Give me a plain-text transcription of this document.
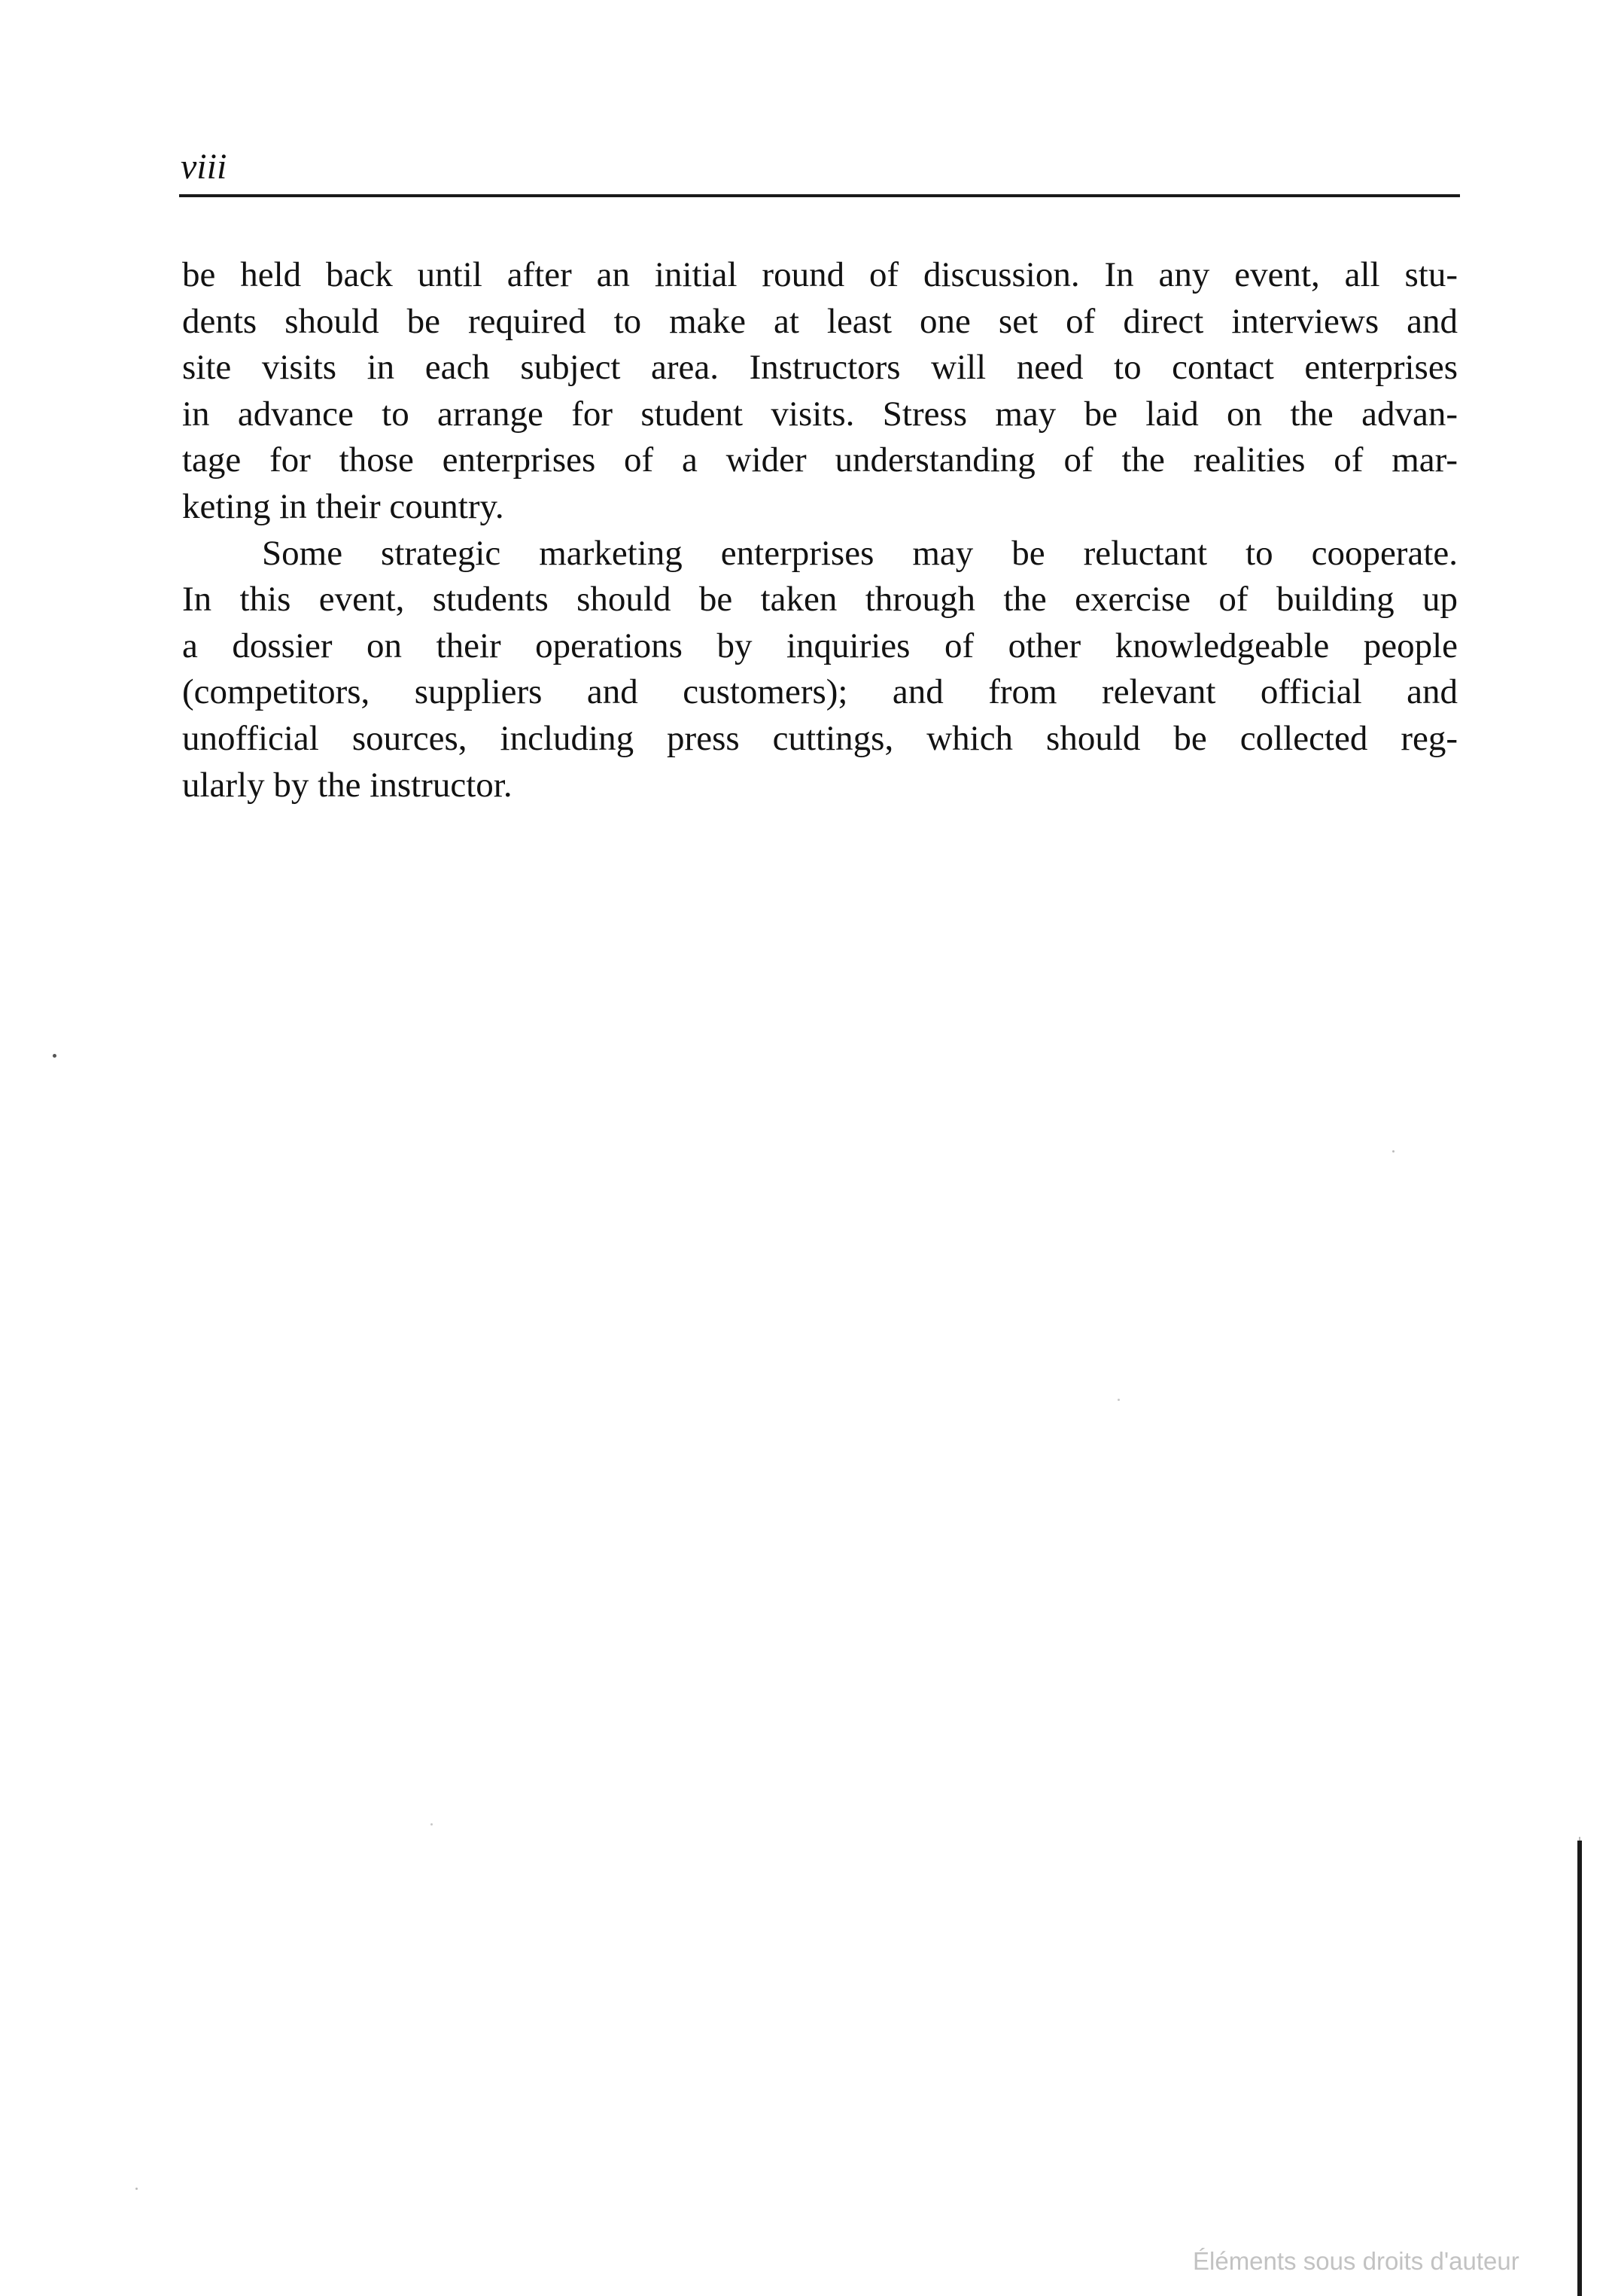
viii
be held back until after an initial round of discussion. In any event, all stu-
dents should be required to make at least one set of direct interviews and
site visits in each subject area. Instructors will need to contact enterprises
in advance to arrange for student visits. Stress may be laid on the advan-
tage for those enterprises of a wider understanding of the realities of mar-
keting in their country.
Some strategic marketing enterprises may be reluctant to cooperate.
In this event, students should be taken through the exercise of building up
a dossier on their operations by inquiries of other knowledgeable people
(competitors, suppliers and customers); and from relevant official and
unofficial sources, including press cuttings, which should be collected reg-
ularly by the instructor.
Éléments sous droits d'auteur
